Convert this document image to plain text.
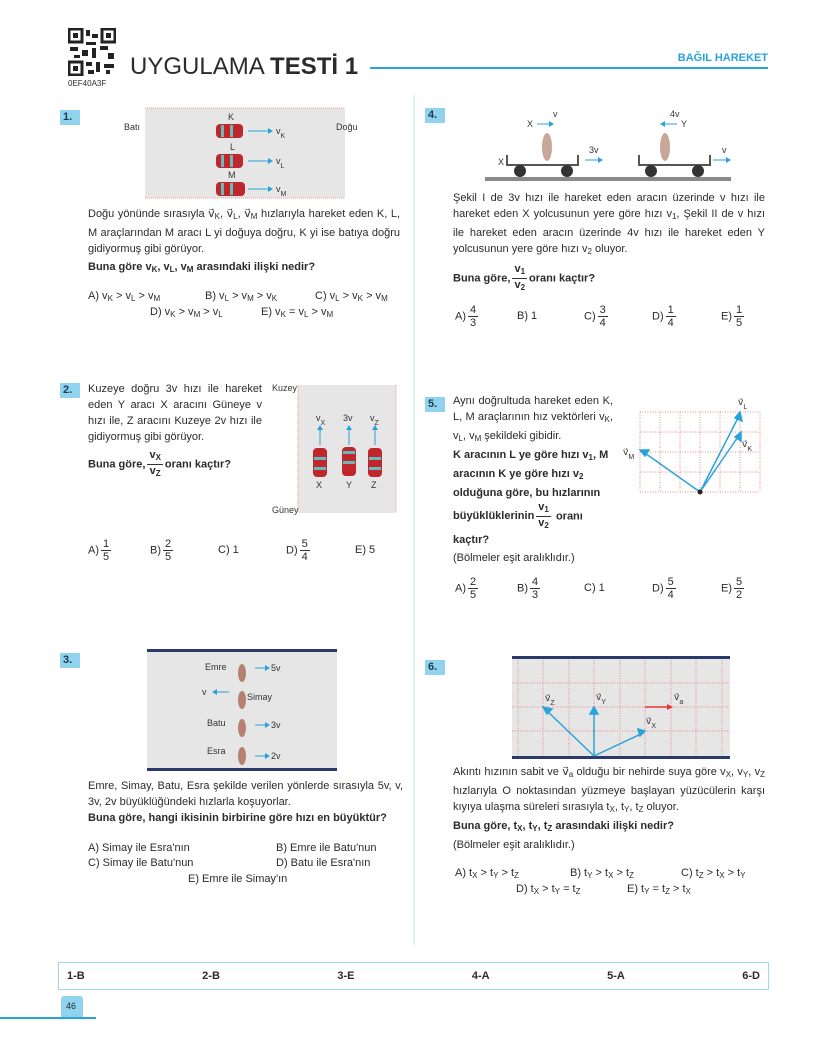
0EF40A3F
UYGULAMA TESTİ 1	BAĞIL HAREKET
1.
Batı	Doğu
K
$v_K$
L
$v_L$
M
$v_M$
Doğu yönünde sırasıyla $v⃗_K$, $v⃗_L$, $v⃗_M$ hızlarıyla hareket eden K, L, M araçlarından M aracı L yi doğuya doğru, K yi ise batıya doğru gidiyormuş gibi görüyor.
Buna göre $v_K$, $v_L$, $v_M$ arasındaki ilişki nedir?
A) $v_K > v_L > v_M$	B) $v_L > v_M > v_K$	C) $v_L > v_K > v_M$
D) $v_K > v_M > v_L$	E) $v_K = v_L > v_M$
2.	Kuzeye doğru 3v hızı ile hareket eden Y aracı X aracını Güneye v hızı ile, Z aracını Kuzeye 2v hızı ile gidiyormuş gibi görüyor.
Buna göre, $\frac{v_X}{v_Z}$ oranı kaçtır?
Kuzey
Güney
$v_X$
X
3v
Y
$v_Z$
Z
$A) \frac{1}{5}$	$B) \frac{2}{5}$	C) 1	$D) \frac{5}{4}$	E) 5
3.
Emre	5v
v	Simay
Batu	3v
Esra	2v
Emre, Simay, Batu, Esra şekilde verilen yönlerde sırasıyla 5v, v, 3v, 2v büyüklüğündeki hızlarla koşuyorlar.
Buna göre, hangi ikisinin birbirine göre hızı en büyüktür?
A) Simay ile Esra'nın	B) Emre ile Batu'nun
C) Simay ile Batu'nun	D) Batu ile Esra'nın
E) Emre ile Simay'ın
4.
X
v
X
3v
4v
Y
v
Şekil I de 3v hızı ile hareket eden aracın üzerinde v hızı ile hareket eden X yolcusunun yere göre hızı $v_1$, Şekil II de v hızı ile hareket eden aracın üzerinde 4v hızı ile hareket eden Y yolcusunun yere göre hızı $v_2$ oluyor.
Buna göre, $\frac{v_1}{v_2}$ oranı kaçtır?
$A) \frac{4}{3}$	B) 1	$C) \frac{3}{4}$	$D) \frac{1}{4}$	$E) \frac{1}{5}$
5.	Aynı doğrultuda hareket eden K, L, M araçlarının hız vektörleri $v_K$, $v_L$, $v_M$ şekildeki gibidir.
K aracının L ye göre hızı $v_1$, M aracının K ye göre hızı $v_2$ olduğuna göre, bu hızlarının büyüklüklerinin $\frac{v_1}{v_2}$ oranı kaçtır?
(Bölmeler eşit aralıklıdır.)
$A) \frac{2}{5}$	$B) \frac{4}{3}$	C) 1	$D) \frac{5}{4}$	$E) \frac{5}{2}$
$v⃗_L$
$v⃗_K$
$v⃗_M$
6.
$v⃗_Z$
$v⃗_Y$	$v⃗_a$
$v⃗_X$
Akıntı hızının sabit ve $v⃗_a$ olduğu bir nehirde suya göre $v_X$, $v_Y$, $v_Z$ hızlarıyla O noktasından yüzmeye başlayan yüzücülerin karşı kıyıya ulaşma süreleri sırasıyla $t_X$, $t_Y$, $t_Z$ oluyor.
Buna göre, $t_X$, $t_Y$, $t_Z$ arasındaki ilişki nedir?
(Bölmeler eşit aralıklıdır.)
A) $t_X > t_Y > t_Z$	B) $t_Y > t_X > t_Z$	C) $t_Z > t_X > t_Y$
D) $t_X > t_Y = t_Z$	E) $t_Y = t_Z > t_X$
1-B	2-B	3-E	4-A	5-A	6-D
46
